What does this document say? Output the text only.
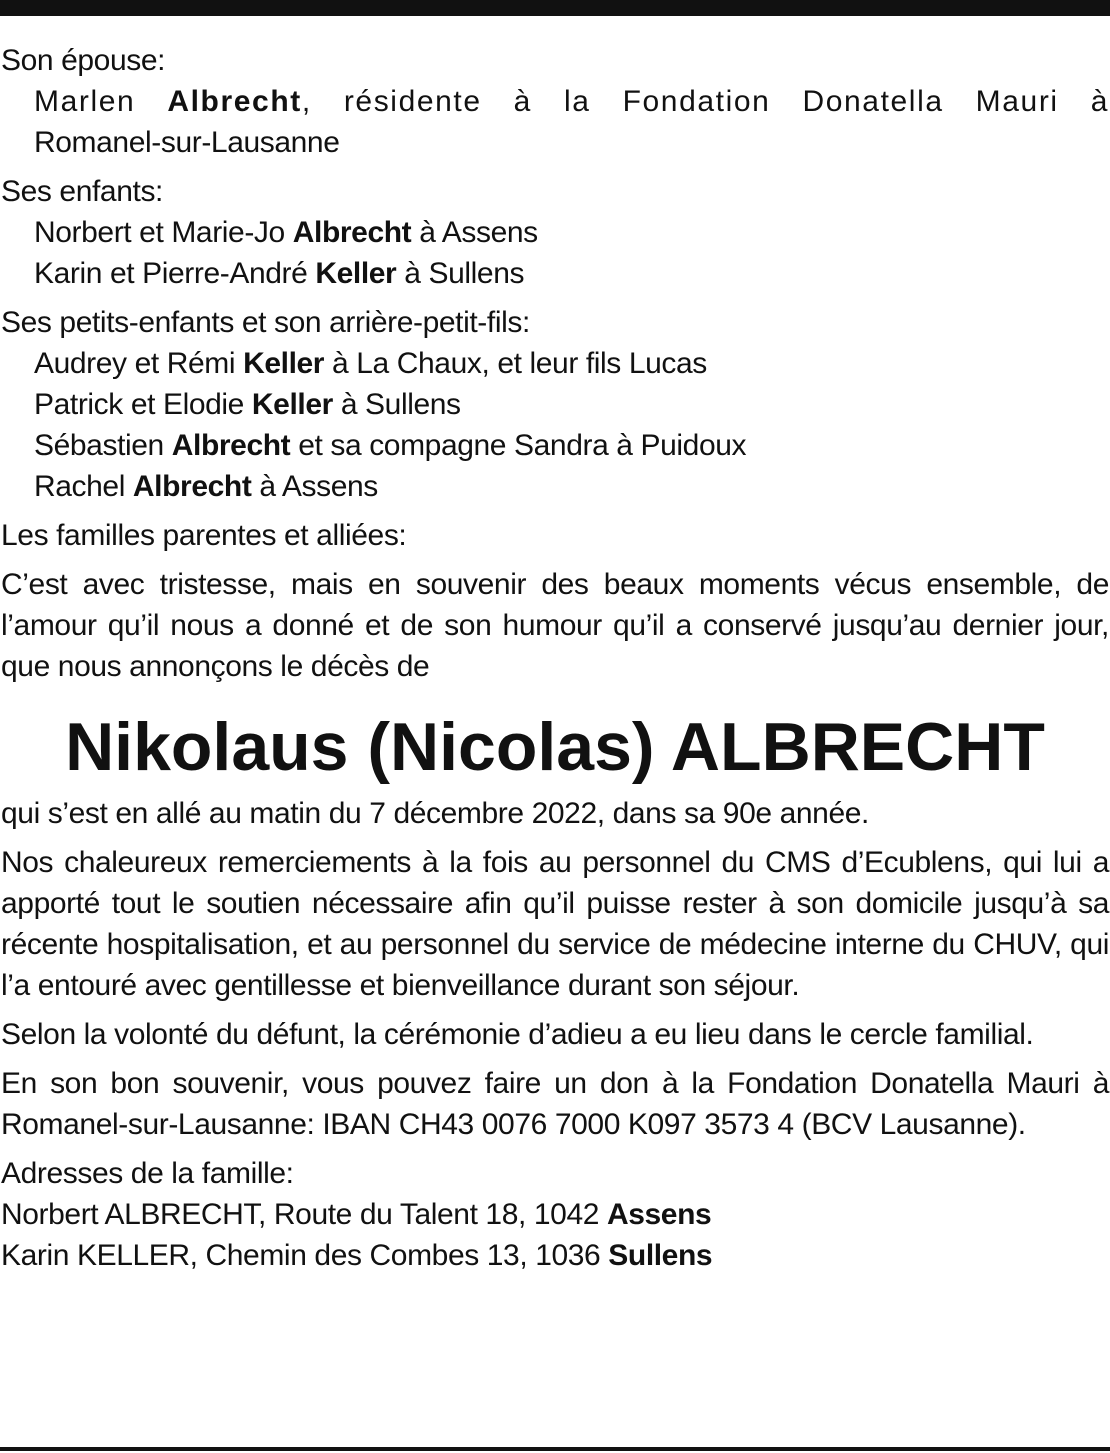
Son épouse:

Marlen Albrecht, résidente à la Fondation Donatella Mauri à

Romanel-sur-Lausanne

Ses enfants:

Norbert et Marie-Jo Albrecht à Assens

Karin et Pierre-André Keller à Sullens

Ses petits-enfants et son arrière-petit-fils:

Audrey et Rémi Keller à La Chaux, et leur fils Lucas

Patrick et Elodie Keller à Sullens

Sébastien Albrecht et sa compagne Sandra à Puidoux

Rachel Albrecht à Assens

Les familles parentes et alliées:

C’est avec tristesse, mais en souvenir des beaux moments vécus ensemble, de l’amour qu’il nous a donné et de son humour qu’il a conservé jusqu’au dernier jour, que nous annonçons le décès de

Nikolaus (Nicolas) ALBRECHT

qui s’est en allé au matin du 7 décembre 2022, dans sa 90e année.

Nos chaleureux remerciements à la fois au personnel du CMS d’Ecublens, qui lui a apporté tout le soutien nécessaire afin qu’il puisse rester à son domicile jusqu’à sa récente hospitalisation, et au personnel du service de médecine interne du CHUV, qui l’a entouré avec gentillesse et bienveillance durant son séjour.

Selon la volonté du défunt, la cérémonie d’adieu a eu lieu dans le cercle familial.

En son bon souvenir, vous pouvez faire un don à la Fondation Donatella Mauri à Romanel-sur-Lausanne: IBAN CH43 0076 7000 K097 3573 4 (BCV Lausanne).

Adresses de la famille:

Norbert ALBRECHT, Route du Talent 18, 1042 Assens

Karin KELLER, Chemin des Combes 13, 1036 Sullens
